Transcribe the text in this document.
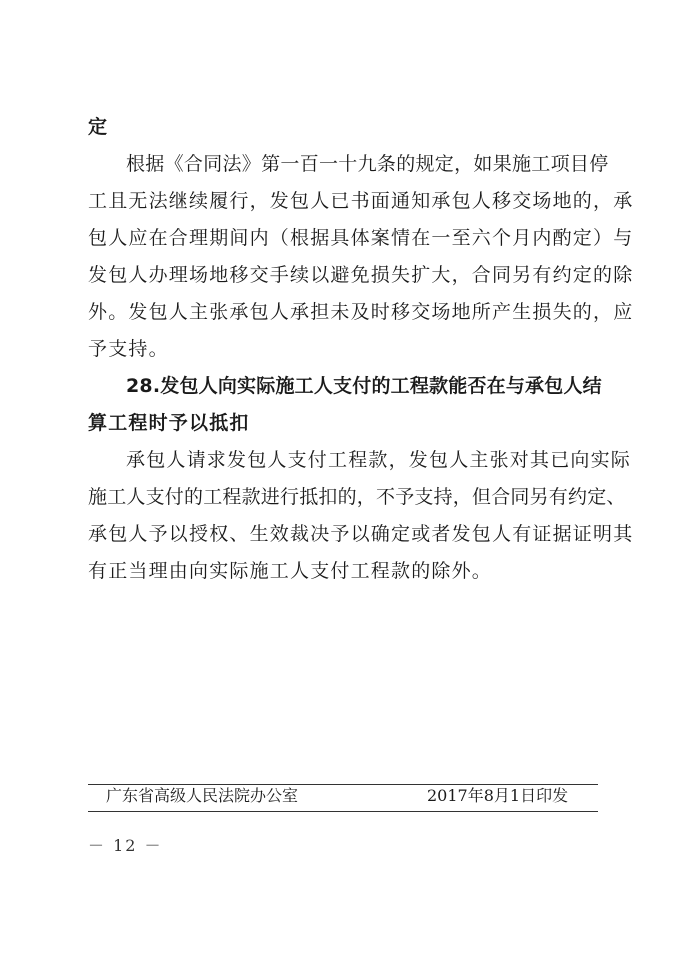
定

根据《合同法》第一百一十九条的规定，如果施工项目停

工且无法继续履行，发包人已书面通知承包人移交场地的，承

包人应在合理期间内（根据具体案情在一至六个月内酌定）与

发包人办理场地移交手续以避免损失扩大，合同另有约定的除

外。发包人主张承包人承担未及时移交场地所产生损失的，应

予支持。

28.发包人向实际施工人支付的工程款能否在与承包人结

算工程时予以抵扣

承包人请求发包人支付工程款，发包人主张对其已向实际

施工人支付的工程款进行抵扣的，不予支持，但合同另有约定、

承包人予以授权、生效裁决予以确定或者发包人有证据证明其

有正当理由向实际施工人支付工程款的除外。

广东省高级人民法院办公室	2017年8月1日印发
－ 12 －
